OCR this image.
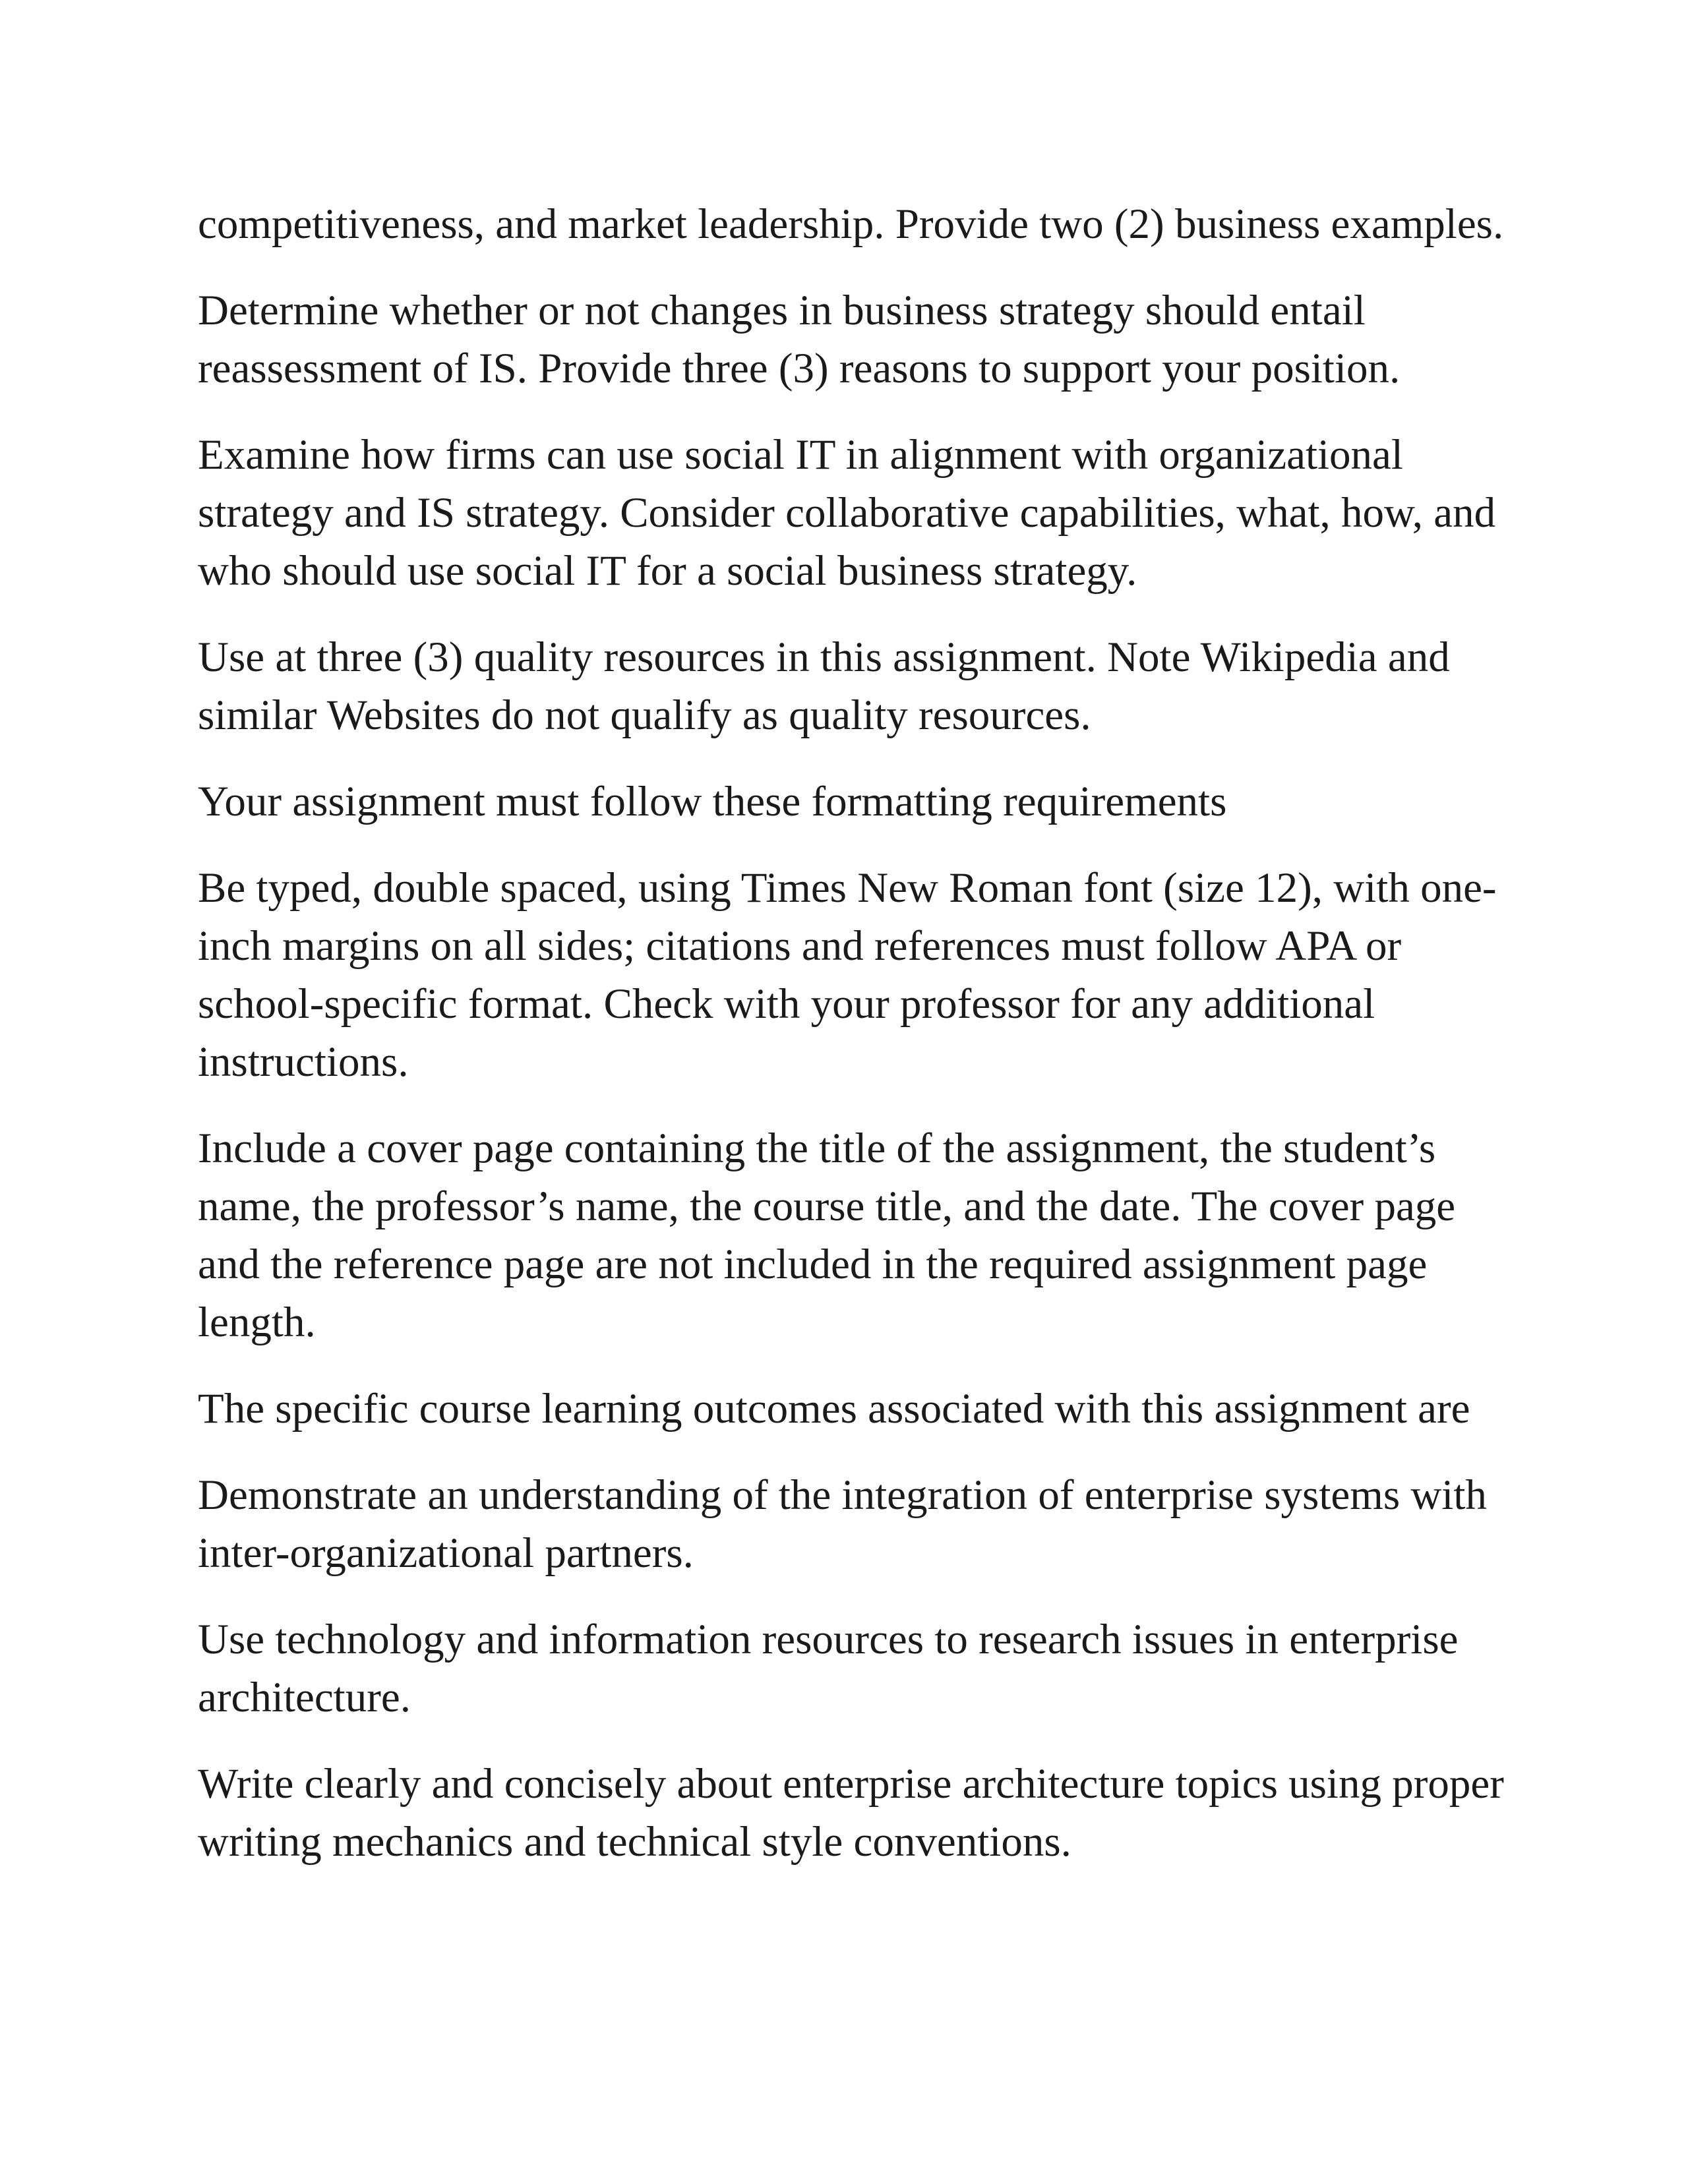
competitiveness, and market leadership. Provide two (2) business examples.

Determine whether or not changes in business strategy should entail reassessment of IS. Provide three (3) reasons to support your position.

Examine how firms can use social IT in alignment with organizational strategy and IS strategy. Consider collaborative capabilities, what, how, and who should use social IT for a social business strategy.

Use at three (3) quality resources in this assignment. Note Wikipedia and similar Websites do not qualify as quality resources.

Your assignment must follow these formatting requirements

Be typed, double spaced, using Times New Roman font (size 12), with one-inch margins on all sides; citations and references must follow APA or school-specific format. Check with your professor for any additional instructions.

Include a cover page containing the title of the assignment, the student’s name, the professor’s name, the course title, and the date. The cover page and the reference page are not included in the required assignment page length.

The specific course learning outcomes associated with this assignment are

Demonstrate an understanding of the integration of enterprise systems with inter-organizational partners.

Use technology and information resources to research issues in enterprise architecture.

Write clearly and concisely about enterprise architecture topics using proper writing mechanics and technical style conventions.
